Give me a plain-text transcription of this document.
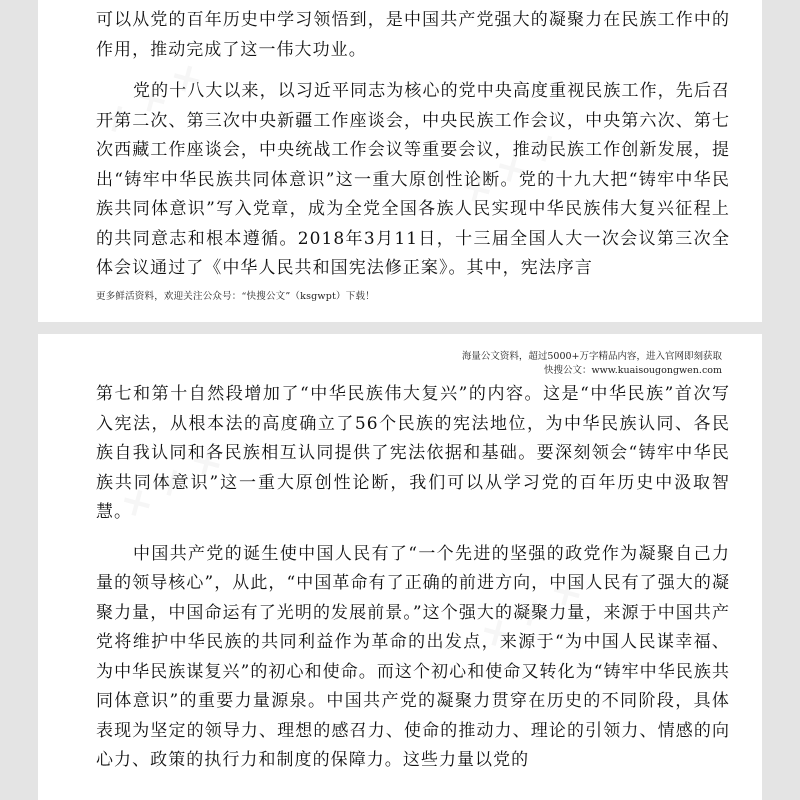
可以从党的百年历史中学习领悟到，是中国共产党强大的凝聚力在民族工作中的作用，推动完成了这一伟大功业。

党的十八大以来，以习近平同志为核心的党中央高度重视民族工作，先后召开第二次、第三次中央新疆工作座谈会，中央民族工作会议，中央第六次、第七次西藏工作座谈会，中央统战工作会议等重要会议，推动民族工作创新发展，提出“铸牢中华民族共同体意识”这一重大原创性论断。党的十九大把“铸牢中华民族共同体意识”写入党章，成为全党全国各族人民实现中华民族伟大复兴征程上的共同意志和根本遵循。2018年3月11日，十三届全国人大一次会议第三次全体会议通过了《中华人民共和国宪法修正案》。其中，宪法序言

更多鲜活资料，欢迎关注公众号：“快搜公文”（ksgwpt）下载！
海量公文资料，超过5000+万字精品内容，进入官网即刻获取
快搜公文：www.kuaisougongwen.com

第七和第十自然段增加了“中华民族伟大复兴”的内容。这是“中华民族”首次写入宪法，从根本法的高度确立了56个民族的宪法地位，为中华民族认同、各民族自我认同和各民族相互认同提供了宪法依据和基础。要深刻领会“铸牢中华民族共同体意识”这一重大原创性论断，我们可以从学习党的百年历史中汲取智慧。

中国共产党的诞生使中国人民有了“一个先进的坚强的政党作为凝聚自己力量的领导核心”，从此，“中国革命有了正确的前进方向，中国人民有了强大的凝聚力量，中国命运有了光明的发展前景。”这个强大的凝聚力量，来源于中国共产党将维护中华民族的共同利益作为革命的出发点，来源于“为中国人民谋幸福、为中华民族谋复兴”的初心和使命。而这个初心和使命又转化为“铸牢中华民族共同体意识”的重要力量源泉。中国共产党的凝聚力贯穿在历史的不同阶段，具体表现为坚定的领导力、理想的感召力、使命的推动力、理论的引领力、情感的向心力、政策的执行力和制度的保障力。这些力量以党的
